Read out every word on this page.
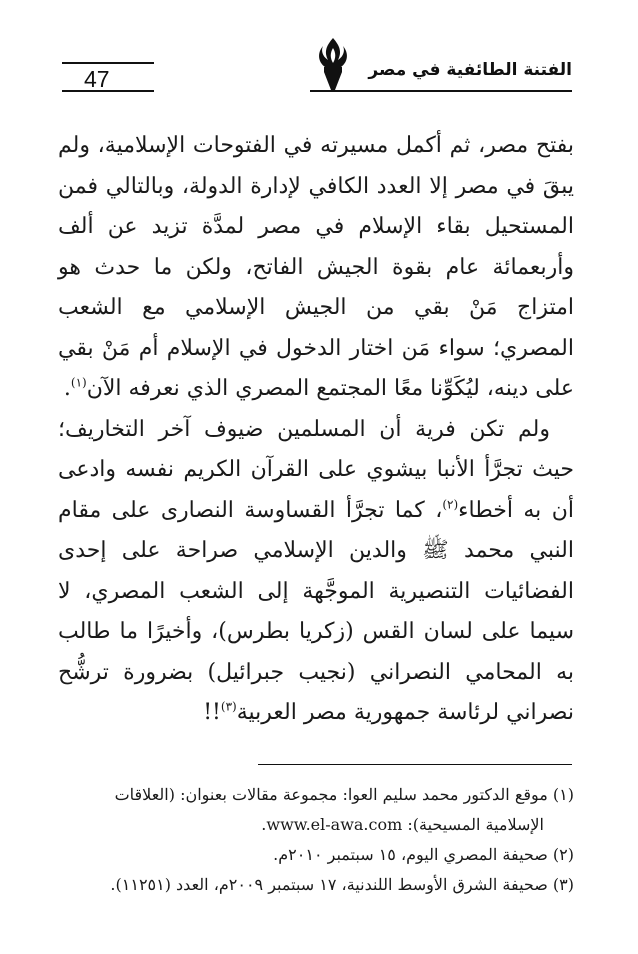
47	الفتنة الطائفية في مصر

بفتح مصر، ثم أكمل مسيرته في الفتوحات الإسلامية، ولم يبقَ في مصر إلا العدد الكافي لإدارة الدولة، وبالتالي فمن المستحيل بقاء الإسلام في مصر لمدَّة تزيد عن ألف وأربعمائة عام بقوة الجيش الفاتح، ولكن ما حدث هو امتزاج مَنْ بقي من الجيش الإسلامي مع الشعب المصري؛ سواء مَن اختار الدخول في الإسلام أم مَنْ بقي على دينه، ليُكَوِّنا معًا المجتمع المصري الذي نعرفه الآن$^{(١)}$.

ولم تكن فرية أن المسلمين ضيوف آخر التخاريف؛ حيث تجرَّأ الأنبا بيشوي على القرآن الكريم نفسه وادعى أن به أخطاء$^{(٢)}$، كما تجرَّأ القساوسة النصارى على مقام النبي محمد ﷺ والدين الإسلامي صراحة على إحدى الفضائيات التنصيرية الموجَّهة إلى الشعب المصري، لا سيما على لسان القس (زكريا بطرس)، وأخيرًا ما طالب به المحامي النصراني (نجيب جبرائيل) بضرورة ترشُّح نصراني لرئاسة جمهورية مصر العربية$^{(٣)}$!!

(١) موقع الدكتور محمد سليم العوا: مجموعة مقالات بعنوان: (العلاقات

الإسلامية المسيحية): www.el-awa.com.

(٢) صحيفة المصري اليوم، ١٥ سبتمبر ٢٠١٠م.

(٣) صحيفة الشرق الأوسط اللندنية، ١٧ سبتمبر ٢٠٠٩م، العدد (١١٢٥١).
